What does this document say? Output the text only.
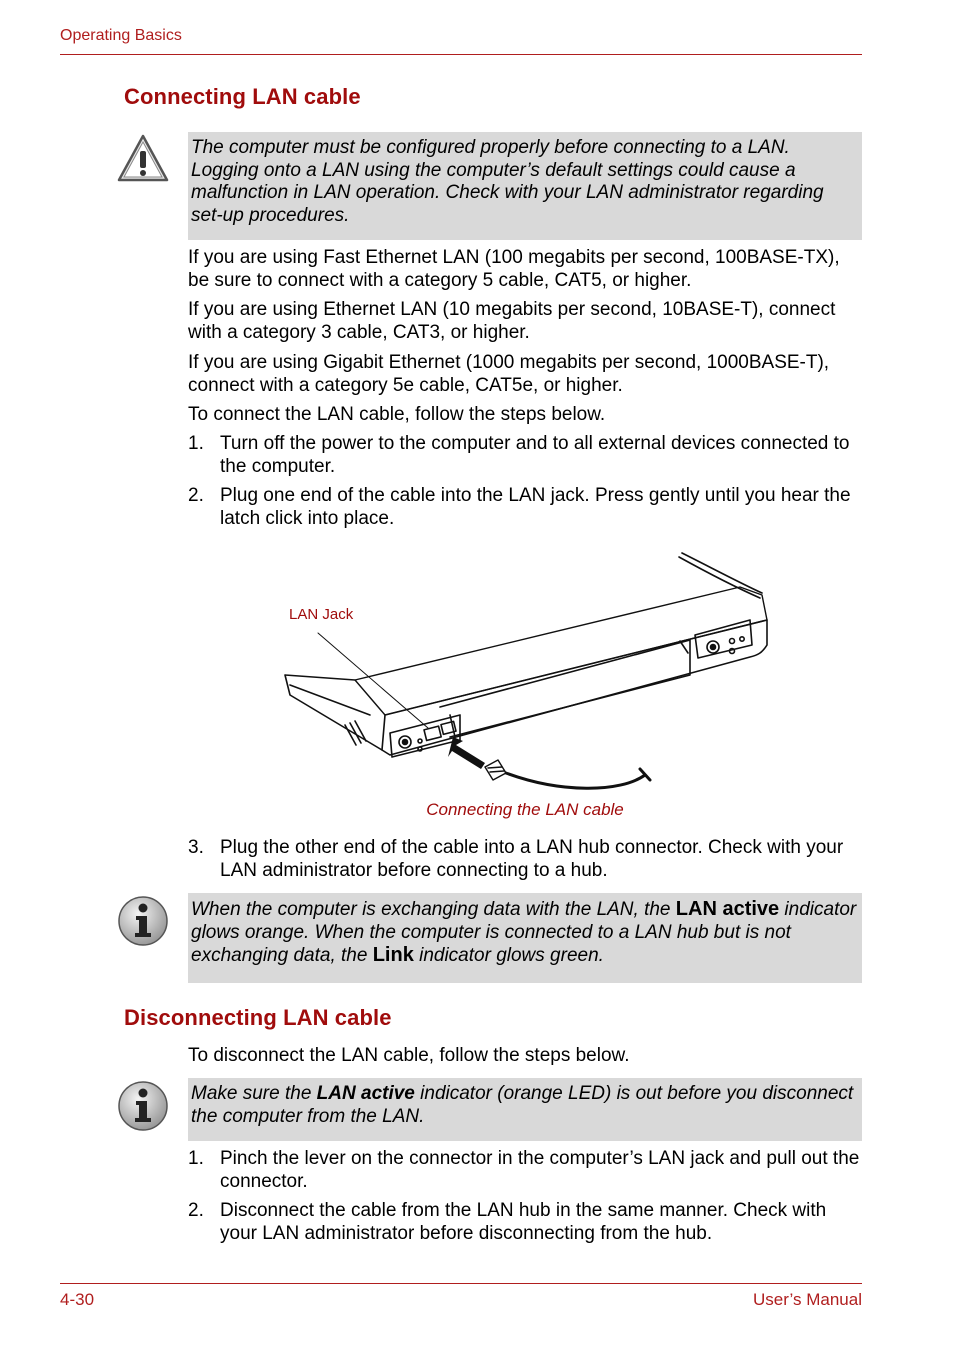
Operating Basics
Connecting LAN cable
The computer must be configured properly before connecting to a LAN. Logging onto a LAN using the computer’s default settings could cause a malfunction in LAN operation. Check with your LAN administrator regarding set-up procedures.
If you are using Fast Ethernet LAN (100 megabits per second, 100BASE-TX), be sure to connect with a category 5 cable, CAT5, or higher.
If you are using Ethernet LAN (10 megabits per second, 10BASE-T), connect with a category 3 cable, CAT3, or higher.
If you are using Gigabit Ethernet (1000 megabits per second, 1000BASE-T), connect with a category 5e cable, CAT5e, or higher.
To connect the LAN cable, follow the steps below.
1. Turn off the power to the computer and to all external devices connected to the computer.
2. Plug one end of the cable into the LAN jack. Press gently until you hear the latch click into place.
LAN Jack
Connecting the LAN cable
3. Plug the other end of the cable into a LAN hub connector. Check with your LAN administrator before connecting to a hub.
When the computer is exchanging data with the LAN, the LAN active indicator glows orange. When the computer is connected to a LAN hub but is not exchanging data, the Link indicator glows green.
Disconnecting LAN cable
To disconnect the LAN cable, follow the steps below.
Make sure the LAN active indicator (orange LED) is out before you disconnect the computer from the LAN.
1. Pinch the lever on the connector in the computer’s LAN jack and pull out the connector.
2. Disconnect the cable from the LAN hub in the same manner. Check with your LAN administrator before disconnecting from the hub.
4-30	User’s Manual
